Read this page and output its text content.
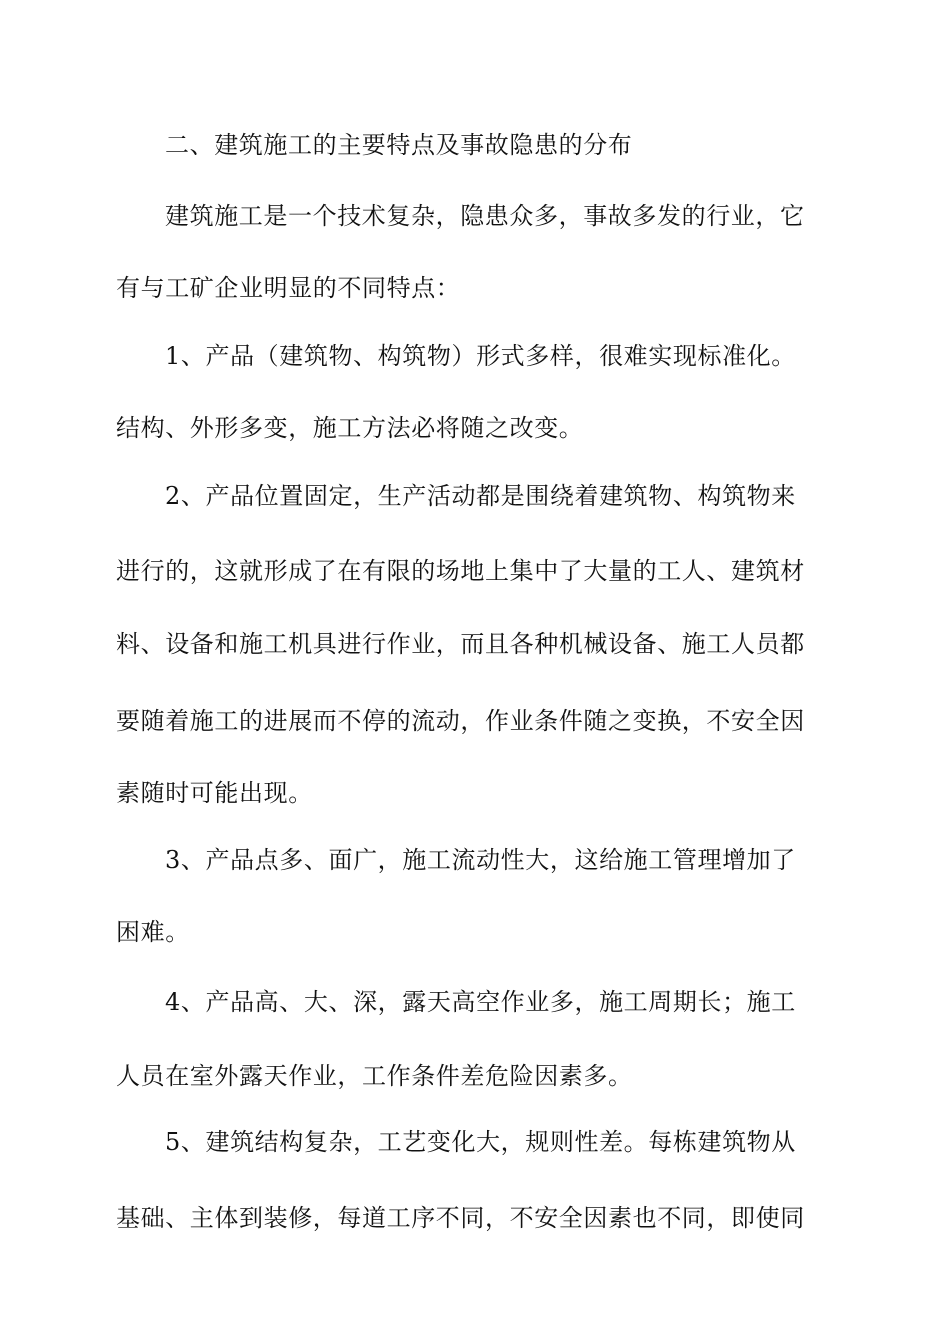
二、建筑施工的主要特点及事故隐患的分布
建筑施工是一个技术复杂，隐患众多，事故多发的行业，它
有与工矿企业明显的不同特点：
1、产品（建筑物、构筑物）形式多样，很难实现标准化。
结构、外形多变，施工方法必将随之改变。
2、产品位置固定，生产活动都是围绕着建筑物、构筑物来
进行的，这就形成了在有限的场地上集中了大量的工人、建筑材
料、设备和施工机具进行作业，而且各种机械设备、施工人员都
要随着施工的进展而不停的流动，作业条件随之变换，不安全因
素随时可能出现。
3、产品点多、面广，施工流动性大，这给施工管理增加了
困难。
4、产品高、大、深，露天高空作业多，施工周期长；施工
人员在室外露天作业，工作条件差危险因素多。
5、建筑结构复杂，工艺变化大，规则性差。每栋建筑物从
基础、主体到装修，每道工序不同，不安全因素也不同，即使同
